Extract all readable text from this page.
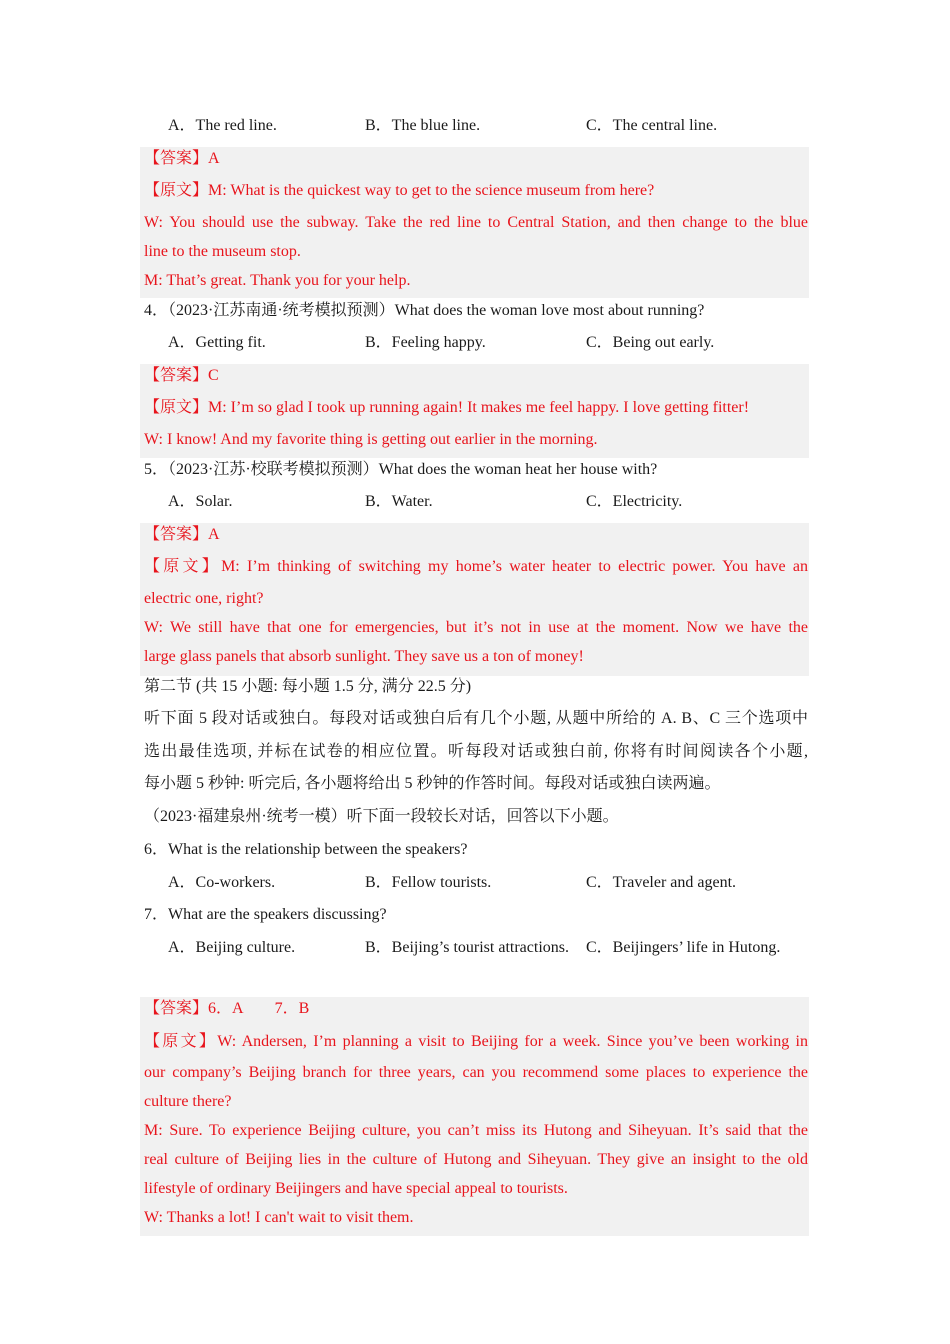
A．The red line.	B．The blue line.	C．The central line.
【答案】A
【原文】M: What is the quickest way to get to the science museum from here?
W: You should use the subway. Take the red line to Central Station, and then change to the blue
line to the museum stop.
M: That’s great. Thank you for your help.
4．（2023·江苏南通·统考模拟预测）What does the woman love most about running?
A．Getting fit.	B．Feeling happy.	C．Being out early.
【答案】C
【原文】M: I’m so glad I took up running again! It makes me feel happy. I love getting fitter!
W: I know! And my favorite thing is getting out earlier in the morning.
5．（2023·江苏·校联考模拟预测）What does the woman heat her house with?
A．Solar.	B．Water.	C．Electricity.
【答案】A
【原文】M: I’m thinking of switching my home’s water heater to electric power. You have an
electric one, right?
W: We still have that one for emergencies, but it’s not in use at the moment. Now we have the
large glass panels that absorb sunlight. They save us a ton of money!
第二节 (共 15 小题: 每小题 1.5 分, 满分 22.5 分)
听下面 5 段对话或独白。每段对话或独白后有几个小题, 从题中所给的 A. B、C 三个选项中
选出最佳选项, 并标在试卷的相应位置。听每段对话或独白前, 你将有时间阅读各个小题,
每小题 5 秒钟: 听完后, 各小题将给出 5 秒钟的作答时间。每段对话或独白读两遍。
（2023·福建泉州·统考一模）听下面一段较长对话，回答以下小题。
6．What is the relationship between the speakers?
A．Co-workers.	B．Fellow tourists.	C．Traveler and agent.
7．What are the speakers discussing?
A．Beijing culture.	B．Beijing’s tourist attractions. C．Beijingers’ life in Hutong.
【答案】6．A　　7．B
【原文】W: Andersen, I’m planning a visit to Beijing for a week. Since you’ve been working in
our company’s Beijing branch for three years, can you recommend some places to experience the
culture there?
M: Sure. To experience Beijing culture, you can’t miss its Hutong and Siheyuan. It’s said that the
real culture of Beijing lies in the culture of Hutong and Siheyuan. They give an insight to the old
lifestyle of ordinary Beijingers and have special appeal to tourists.
W: Thanks a lot! I can't wait to visit them.
